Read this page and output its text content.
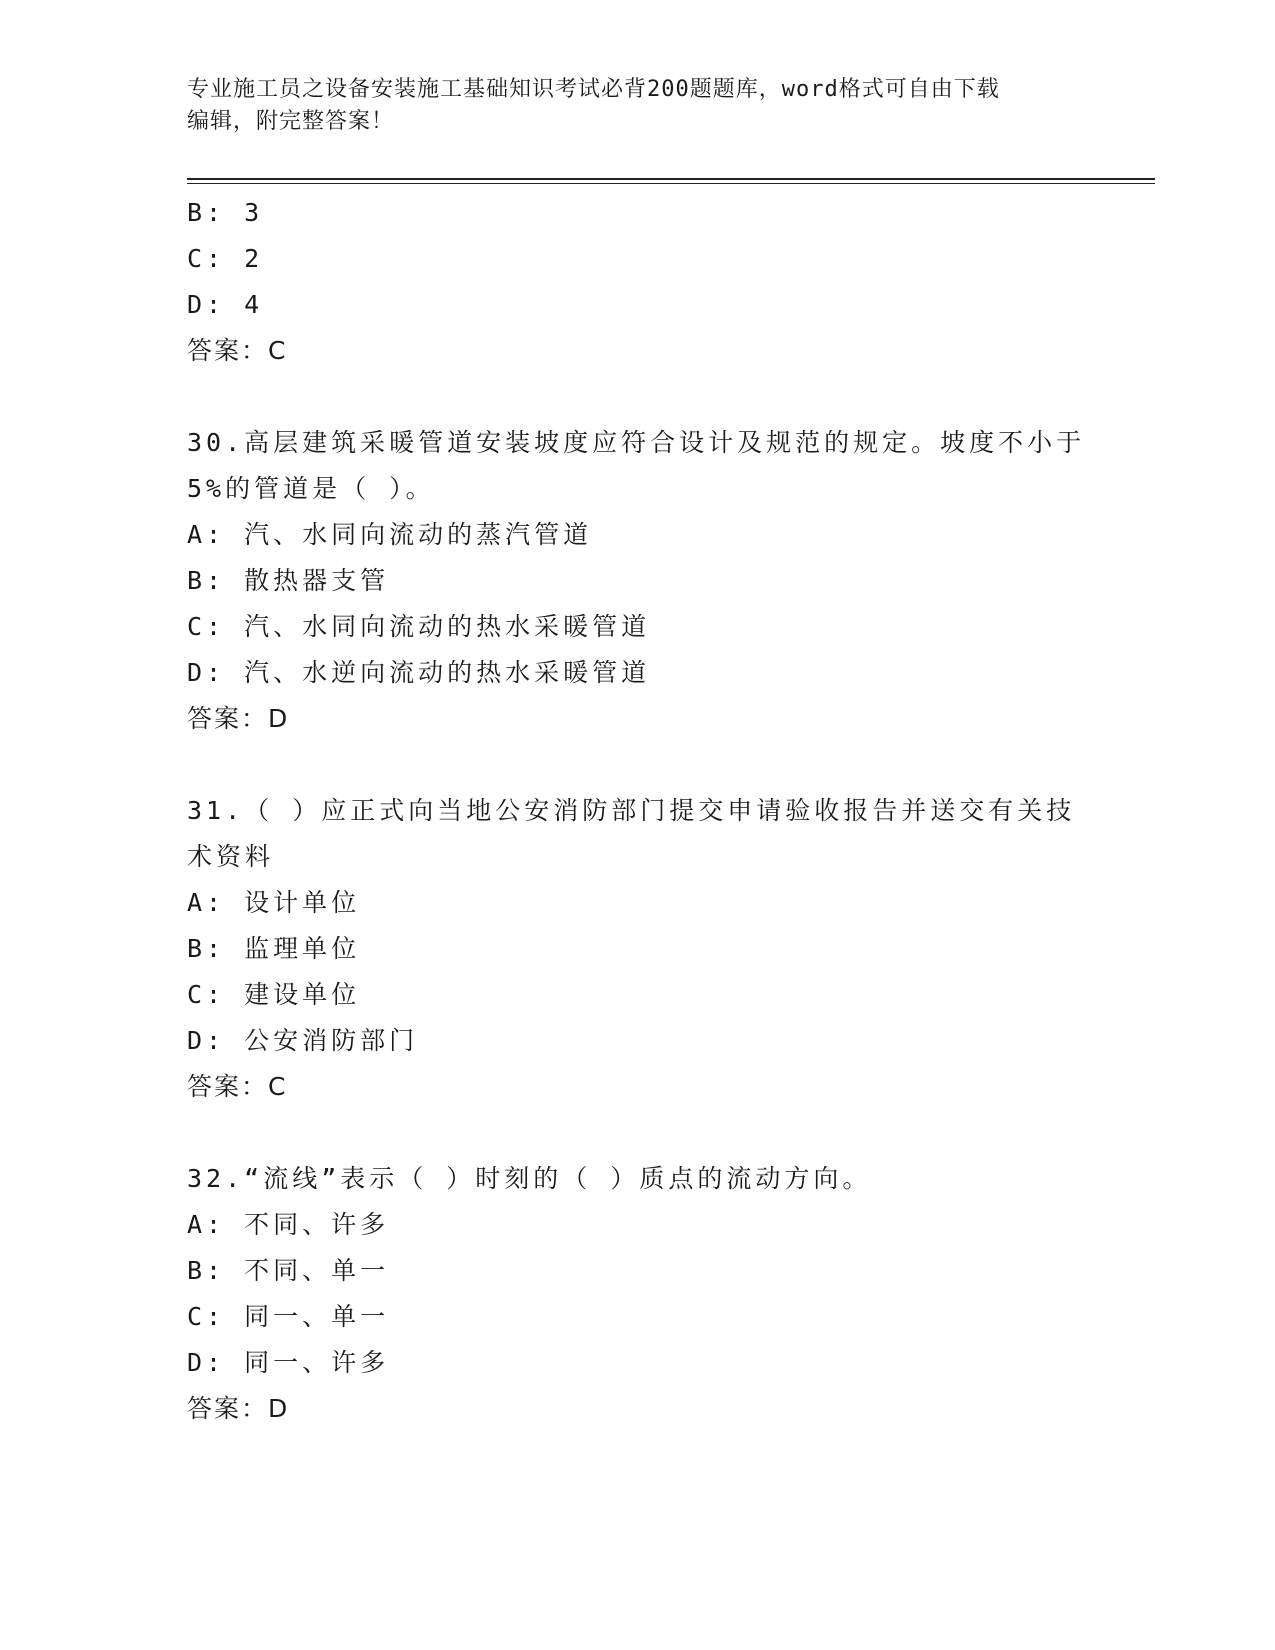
专业施工员之设备安装施工基础知识考试必背200题题库，word格式可自由下载
编辑，附完整答案！
B: 3
C: 2
D: 4
答案：C
30.高层建筑采暖管道安装坡度应符合设计及规范的规定。坡度不小于
5%的管道是（ ）。
A: 汽、水同向流动的蒸汽管道
B: 散热器支管
C: 汽、水同向流动的热水采暖管道
D: 汽、水逆向流动的热水采暖管道
答案：D
31.（ ）应正式向当地公安消防部门提交申请验收报告并送交有关技
术资料
A: 设计单位
B: 监理单位
C: 建设单位
D: 公安消防部门
答案：C
32.“流线”表示（ ）时刻的（ ）质点的流动方向。
A: 不同、许多
B: 不同、单一
C: 同一、单一
D: 同一、许多
答案：D
